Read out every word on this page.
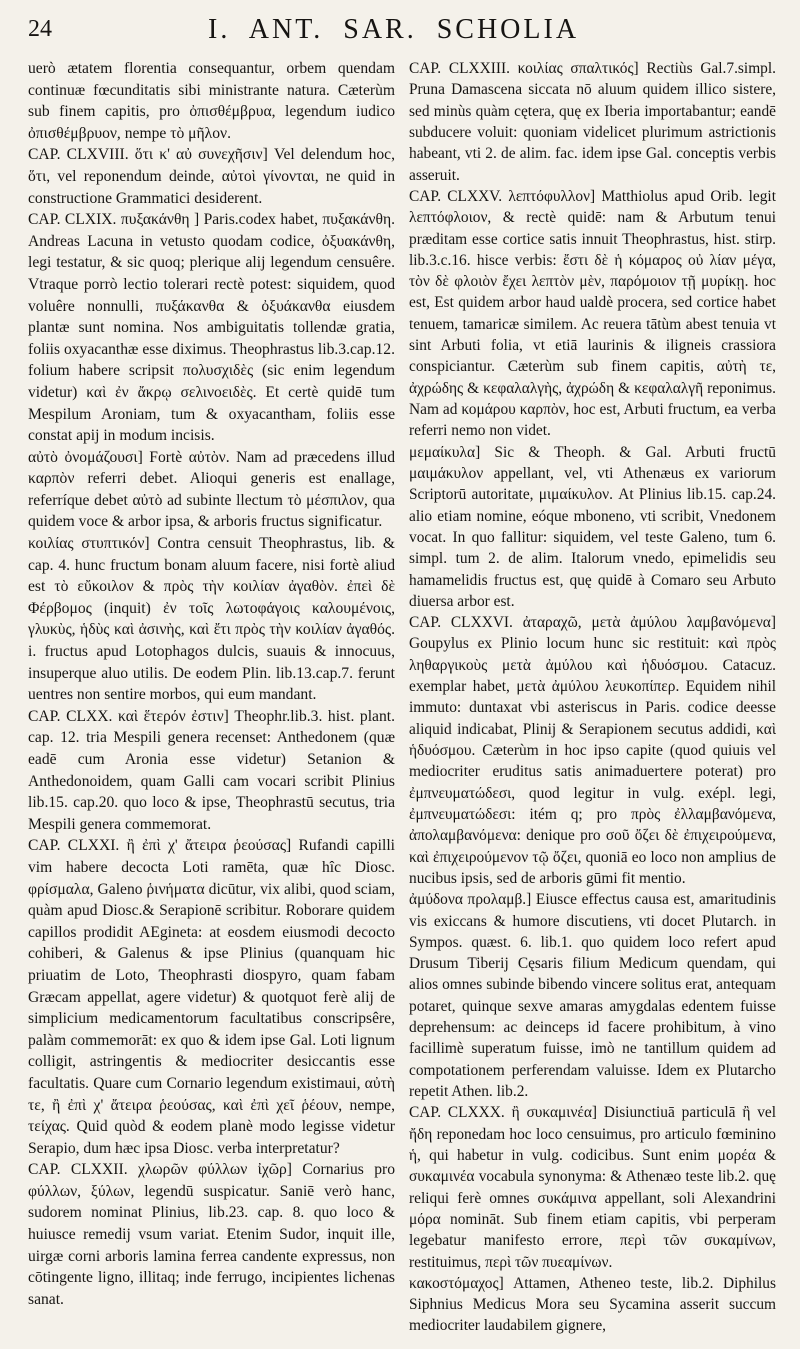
24	I. ANT. SAR. SCHOLIA

uerò ætatem florentia consequantur, orbem quendam continuæ fœcunditatis sibi ministrante natura. Cæterùm sub finem capitis, pro ὀπισθέμβρυα, legendum iudico ὀπισθέμβρυον, nempe τὸ μῆλον.

CAP. CLXVIII. ὅτι κ' αὐ συνεχῆσιν] Vel delendum hoc, ὅτι, vel reponendum deinde, αὐτοὶ γίνονται, ne quid in constructione Grammatici desiderent.

CAP. CLXIX. πυξακάνθη ] Paris.codex habet, πυξακάνθη. Andreas Lacuna in vetusto quodam codice, ὀξυακάνθη, legi testatur, & sic quoq; plerique alij legendum censuêre. Vtraque porrò lectio tolerari rectè potest: siquidem, quod voluêre nonnulli, πυξάκανθα & ὀξυάκανθα eiusdem plantæ sunt nomina. Nos ambiguitatis tollendæ gratia, foliis oxyacanthæ esse diximus. Theophrastus lib.3.cap.12. folium habere scripsit πολυσχιδὲς (sic enim legendum videtur) καὶ ἐν ἄκρῳ σελινοειδὲς. Et certè quidē tum Mespilum Aroniam, tum & oxyacantham, foliis esse constat apij in modum incisis.

αὐτὸ ὀνομάζουσι] Fortè αὐτὸν. Nam ad præcedens illud καρπὸν referri debet. Alioqui generis est enallage, referríque debet αὐτὸ ad subinte llectum τὸ μέσπιλον, qua quidem voce & arbor ipsa, & arboris fructus significatur.

κοιλίας στυπτικόν] Contra censuit Theophrastus, lib. & cap. 4. hunc fructum bonam aluum facere, nisi fortè aliud est τὸ εὔκοιλον & πρὸς τὴν κοιλίαν ἀγαθὸν. ἐπεὶ δὲ Φέρβομος (inquit) ἐν τοῖς λωτοφάγοις καλουμένοις, γλυκὺς, ἡδὺς καὶ ἀσινὴς, καὶ ἔτι πρὸς τὴν κοιλίαν ἀγαθός. i. fructus apud Lotophagos dulcis, suauis & innocuus, insuperque aluo utilis. De eodem Plin. lib.13.cap.7. ferunt uentres non sentire morbos, qui eum mandant.

CAP. CLXX. καὶ ἕτερόν ἐστιν] Theophr.lib.3. hist. plant. cap. 12. tria Mespili genera recenset: Anthedonem (quæ eadē cum Aronia esse videtur) Setanion & Anthedonoidem, quam Galli cam vocari scribit Plinius lib.15. cap.20. quo loco & ipse, Theophrastū secutus, tria Mespili genera commemorat.

CAP. CLXXI. ἢ ἐπὶ χ' ἄτειρα ῥεούσας] Rufandi capilli vim habere decocta Loti ramēta, quæ hîc Diosc. φρίσμαλα, Galeno ῥινήματα dicūtur, vix alibi, quod sciam, quàm apud Diosc.& Serapionē scribitur. Roborare quidem capillos prodidit AEgineta: at eosdem eiusmodi decocto cohiberi, & Galenus & ipse Plinius (quanquam hic priuatim de Loto, Theophrasti diospyro, quam fabam Græcam appellat, agere videtur) & quotquot ferè alij de simplicium medicamentorum facultatibus conscripsêre, palàm commemorāt: ex quo & idem ipse Gal. Loti lignum colligit, astringentis & mediocriter desiccantis esse facultatis. Quare cum Cornario legendum existimaui, αὐτὴ τε, ἢ ἐπὶ χ' ἄτειρα ῥεούσας, καὶ ἐπὶ χεῖ ῥέουν, nempe, τείχας. Quid quòd & eodem planè modo legisse videtur Serapio, dum hæc ipsa Diosc. verba interpretatur?

CAP. CLXXII. χλωρῶν φύλλων ἰχῶρ] Cornarius pro φύλλων, ξύλων, legendū suspicatur. Saniē verò hanc, sudorem nominat Plinius, lib.23. cap. 8. quo loco & huiusce remedij vsum variat. Etenim Sudor, inquit ille, uirgæ corni arboris lamina ferrea candente expressus, non cōtingente ligno, illitaq; inde ferrugo, incipientes lichenas sanat.

CAP. CLXXIII. κοιλίας σπαλτικός] Rectiùs Gal.7.simpl. Pruna Damascena siccata nō aluum quidem illico sistere, sed minùs quàm cętera, quę ex Iberia importabantur; eandē subducere voluit: quoniam videlicet plurimum astrictionis habeant, vti 2. de alim. fac. idem ipse Gal. conceptis verbis asseruit.

CAP. CLXXV. λεπτόφυλλον] Matthiolus apud Orib. legit λεπτόφλοιον, & rectè quidē: nam & Arbutum tenui præditam esse cortice satis innuit Theophrastus, hist. stirp. lib.3.c.16. hisce verbis: ἔστι δὲ ἡ κόμαρος οὐ λίαν μέγα, τὸν δὲ φλοιὸν ἔχει λεπτὸν μὲν, παρόμοιον τῇ μυρίκῃ. hoc est, Est quidem arbor haud ualdè procera, sed cortice habet tenuem, tamaricæ similem. Ac reuera tātùm abest tenuia vt sint Arbuti folia, vt etiā laurinis & iligneis crassiora conspiciantur. Cæterùm sub finem capitis, αὐτὴ τε, ἀχρώδης & κεφαλαλγὴς, ἀχρώδη & κεφαλαλγῆ reponimus. Nam ad κομάρου καρπὸν, hoc est, Arbuti fructum, ea verba referri nemo non videt.

μεμαίκυλα] Sic & Theoph. & Gal. Arbuti fructū μαιμάκυλον appellant, vel, vti Athenæus ex variorum Scriptorū autoritate, μιμαίκυλον. At Plinius lib.15. cap.24. alio etiam nomine, eóque mboneno, vti scribit, Vnedonem vocat. In quo fallitur: siquidem, vel teste Galeno, tum 6. simpl. tum 2. de alim. Italorum vnedo, epimelidis seu hamamelidis fructus est, quę quidē à Comaro seu Arbuto diuersa arbor est.

CAP. CLXXVI. ἀταραχῶ, μετὰ ἀμύλου λαμβανόμενα] Goupylus ex Plinio locum hunc sic restituit: καὶ πρὸς ληθαργικοὺς μετὰ ἀμύλου καὶ ἡδυόσμου. Catacuz. exemplar habet, μετὰ ἀμύλου λευκοπίπερ. Equidem nihil immuto: duntaxat vbi asteriscus in Paris. codice deesse aliquid indicabat, Plinij & Serapionem secutus addidi, καὶ ἡδυόσμου. Cæterùm in hoc ipso capite (quod quiuis vel mediocriter eruditus satis animaduertere poterat) pro ἐμπνευματώδεσι, quod legitur in vulg. exépl. legi, ἐμπνευματώδεσι: itém q; pro πρὸς ἐλλαμβανόμενα, ἀπολαμβανόμενα: denique pro σοῦ ὄζει δὲ ἐπιχειρούμενα, καὶ ἐπιχειρούμενον τῷ ὄζει, quoniā eo loco non amplius de nucibus ipsis, sed de arboris gūmi fit mentio.

ἀμύδονα προλαμβ.] Eiusce effectus causa est, amaritudinis vis exiccans & humore discutiens, vti docet Plutarch. in Sympos. quæst. 6. lib.1. quo quidem loco refert apud Drusum Tiberij Cęsaris filium Medicum quendam, qui alios omnes subinde bibendo vincere solitus erat, antequam potaret, quinque sexve amaras amygdalas edentem fuisse deprehensum: ac deinceps id facere prohibitum, à vino facillimè superatum fuisse, imò ne tantillum quidem ad compotationem perferendam valuisse. Idem ex Plutarcho repetit Athen. lib.2.

CAP. CLXXX. ἢ συκαμινέα] Disiunctiuā particulā ἢ vel ἤδη reponedam hoc loco censuimus, pro articulo fœminino ἡ, qui habetur in vulg. codicibus. Sunt enim μορέα & συκαμινέα vocabula synonyma: & Athenæo teste lib.2. quę reliqui ferè omnes συκάμινα appellant, soli Alexandrini μόρα nomināt. Sub finem etiam capitis, vbi perperam legebatur manifesto errore, περὶ τῶν συκαμίνων, restituimus, περὶ τῶν πυεαμίνων.

κακοστόμαχος] Attamen, Atheneo teste, lib.2. Diphilus Siphnius Medicus Mora seu Sycamina asserit succum mediocriter laudabilem gignere,
